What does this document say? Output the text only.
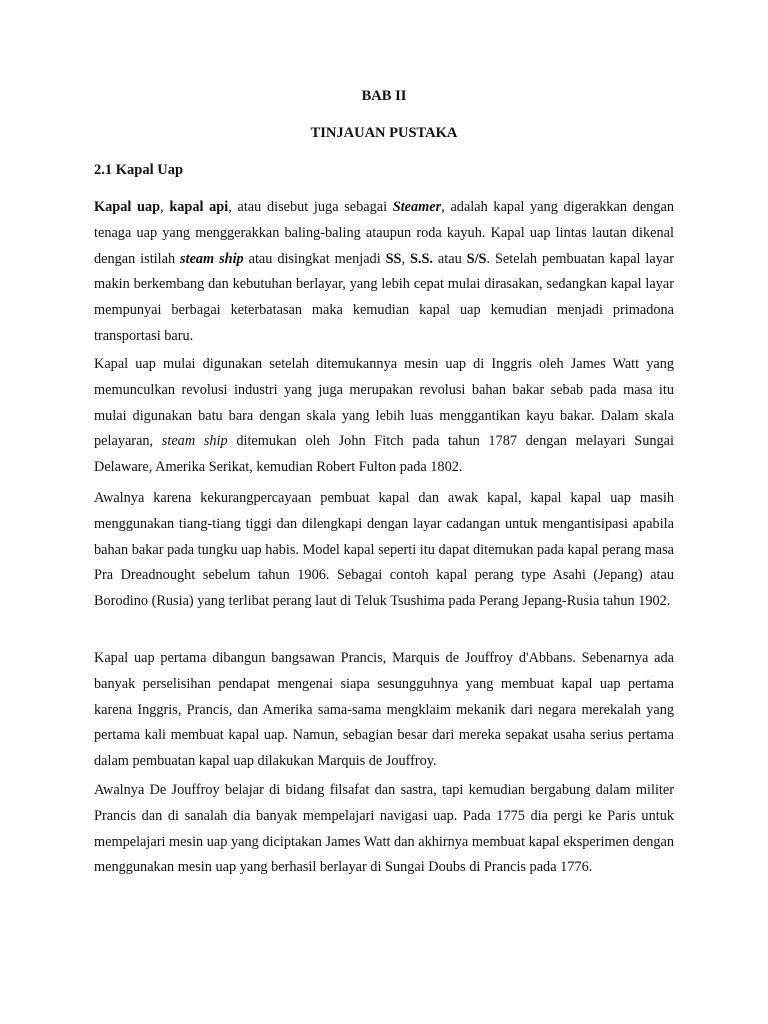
BAB II
TINJAUAN PUSTAKA
2.1 Kapal Uap

Kapal uap, kapal api, atau disebut juga sebagai Steamer, adalah kapal yang digerakkan dengan tenaga uap yang menggerakkan baling-baling ataupun roda kayuh. Kapal uap lintas lautan dikenal dengan istilah steam ship atau disingkat menjadi SS, S.S. atau S/S. Setelah pembuatan kapal layar makin berkembang dan kebutuhan berlayar, yang lebih cepat mulai dirasakan, sedangkan kapal layar mempunyai berbagai keterbatasan maka kemudian kapal uap kemudian menjadi primadona transportasi baru.

Kapal uap mulai digunakan setelah ditemukannya mesin uap di Inggris oleh James Watt yang memunculkan revolusi industri yang juga merupakan revolusi bahan bakar sebab pada masa itu mulai digunakan batu bara dengan skala yang lebih luas menggantikan kayu bakar. Dalam skala pelayaran, steam ship ditemukan oleh John Fitch pada tahun 1787 dengan melayari Sungai Delaware, Amerika Serikat, kemudian Robert Fulton pada 1802.

Awalnya karena kekurangpercayaan pembuat kapal dan awak kapal, kapal kapal uap masih menggunakan tiang-tiang tiggi dan dilengkapi dengan layar cadangan untuk mengantisipasi apabila bahan bakar pada tungku uap habis. Model kapal seperti itu dapat ditemukan pada kapal perang masa Pra Dreadnought sebelum tahun 1906. Sebagai contoh kapal perang type Asahi (Jepang) atau Borodino (Rusia) yang terlibat perang laut di Teluk Tsushima pada Perang Jepang-Rusia tahun 1902.

Kapal uap pertama dibangun bangsawan Prancis, Marquis de Jouffroy d'Abbans. Sebenarnya ada banyak perselisihan pendapat mengenai siapa sesungguhnya yang membuat kapal uap pertama karena Inggris, Prancis, dan Amerika sama-sama mengklaim mekanik dari negara merekalah yang pertama kali membuat kapal uap. Namun, sebagian besar dari mereka sepakat usaha serius pertama dalam pembuatan kapal uap dilakukan Marquis de Jouffroy.

Awalnya De Jouffroy belajar di bidang filsafat dan sastra, tapi kemudian bergabung dalam militer Prancis dan di sanalah dia banyak mempelajari navigasi uap. Pada 1775 dia pergi ke Paris untuk mempelajari mesin uap yang diciptakan James Watt dan akhirnya membuat kapal eksperimen dengan menggunakan mesin uap yang berhasil berlayar di Sungai Doubs di Prancis pada 1776.
